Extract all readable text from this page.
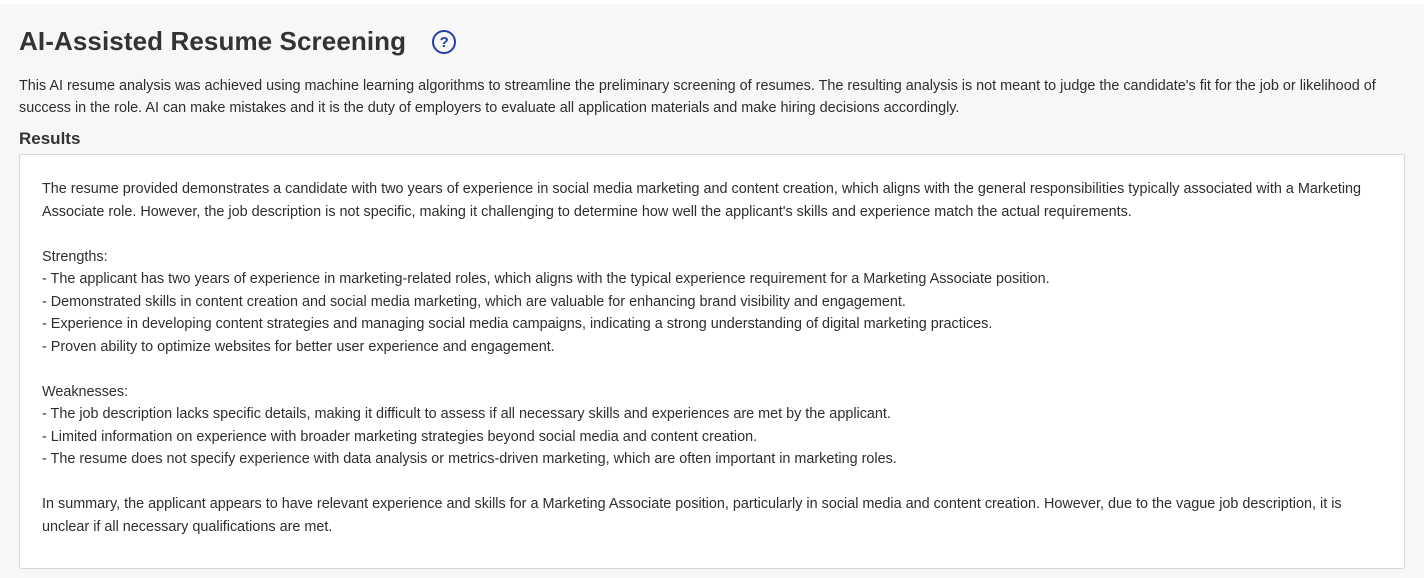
AI-Assisted Resume Screening ?
This AI resume analysis was achieved using machine learning algorithms to streamline the preliminary screening of resumes. The resulting analysis is not meant to judge the candidate's fit for the job or likelihood of success in the role. AI can make mistakes and it is the duty of employers to evaluate all application materials and make hiring decisions accordingly.
Results

The resume provided demonstrates a candidate with two years of experience in social media marketing and content creation, which aligns with the general responsibilities typically associated with a Marketing Associate role. However, the job description is not specific, making it challenging to determine how well the applicant's skills and experience match the actual requirements.

Strengths:
- The applicant has two years of experience in marketing-related roles, which aligns with the typical experience requirement for a Marketing Associate position.
- Demonstrated skills in content creation and social media marketing, which are valuable for enhancing brand visibility and engagement.
- Experience in developing content strategies and managing social media campaigns, indicating a strong understanding of digital marketing practices.
- Proven ability to optimize websites for better user experience and engagement.
Weaknesses:
- The job description lacks specific details, making it difficult to assess if all necessary skills and experiences are met by the applicant.
- Limited information on experience with broader marketing strategies beyond social media and content creation.
- The resume does not specify experience with data analysis or metrics-driven marketing, which are often important in marketing roles.

In summary, the applicant appears to have relevant experience and skills for a Marketing Associate position, particularly in social media and content creation. However, due to the vague job description, it is unclear if all necessary qualifications are met.
